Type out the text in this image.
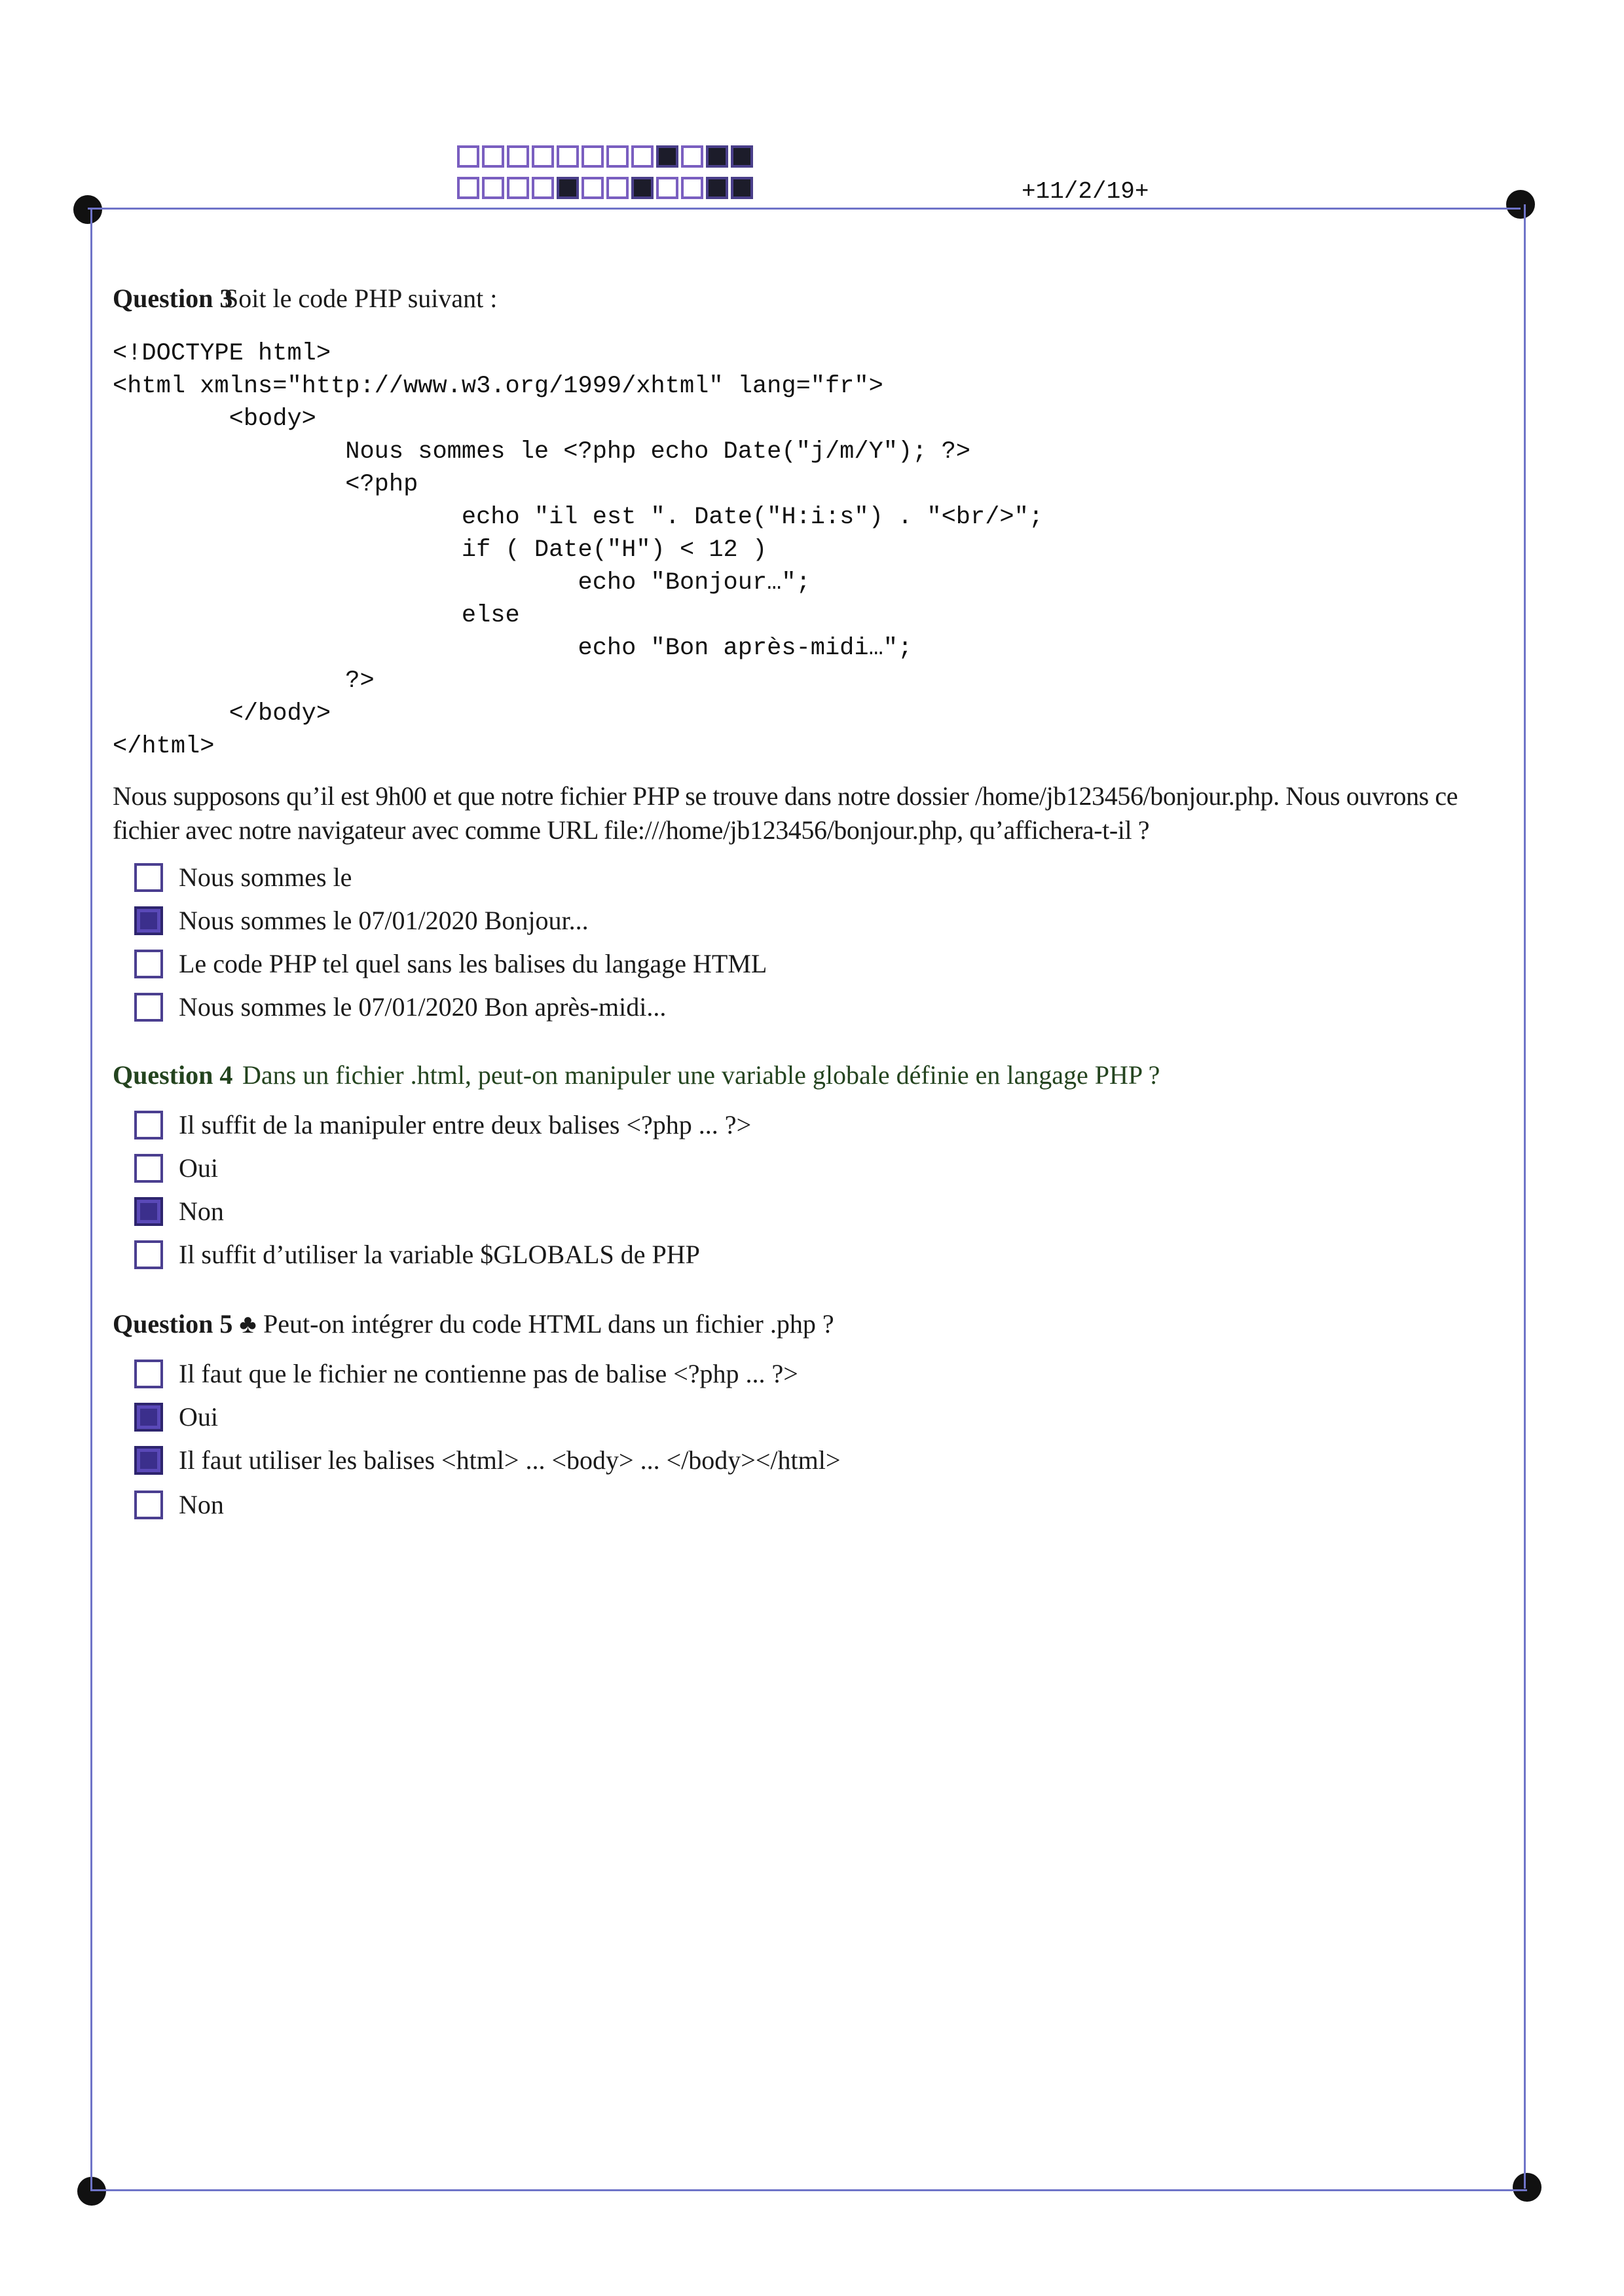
+11/2/19+
Question 3
Soit le code PHP suivant :
<!DOCTYPE html>
<html xmlns="http://www.w3.org/1999/xhtml" lang="fr">
<body>
Nous sommes le <?php echo Date("j/m/Y"); ?>
<?php
echo "il est ". Date("H:i:s") . "<br/>";
if ( Date("H") < 12 )
echo "Bonjour…";
else
echo "Bon après-midi…";
?>
</body>
</html>
Nous supposons qu’il est 9h00 et que notre fichier PHP se trouve dans notre dossier /home/jb123456/bonjour.php. Nous ouvrons ce fichier avec notre navigateur avec comme URL file:///home/jb123456/bonjour.php, qu’affichera-t-il ?
Nous sommes le
Nous sommes le 07/01/2020 Bonjour...
Le code PHP tel quel sans les balises du langage HTML
Nous sommes le 07/01/2020 Bon après-midi...
Question 4 Dans un fichier .html, peut-on manipuler une variable globale définie en langage PHP ?
Il suffit de la manipuler entre deux balises <?php ... ?>
Oui
Non
Il suffit d’utiliser la variable $GLOBALS de PHP
Question 5 ♣ Peut-on intégrer du code HTML dans un fichier .php ?
Il faut que le fichier ne contienne pas de balise <?php ... ?>
Oui
Il faut utiliser les balises <html> ... <body> ... </body></html>
Non
